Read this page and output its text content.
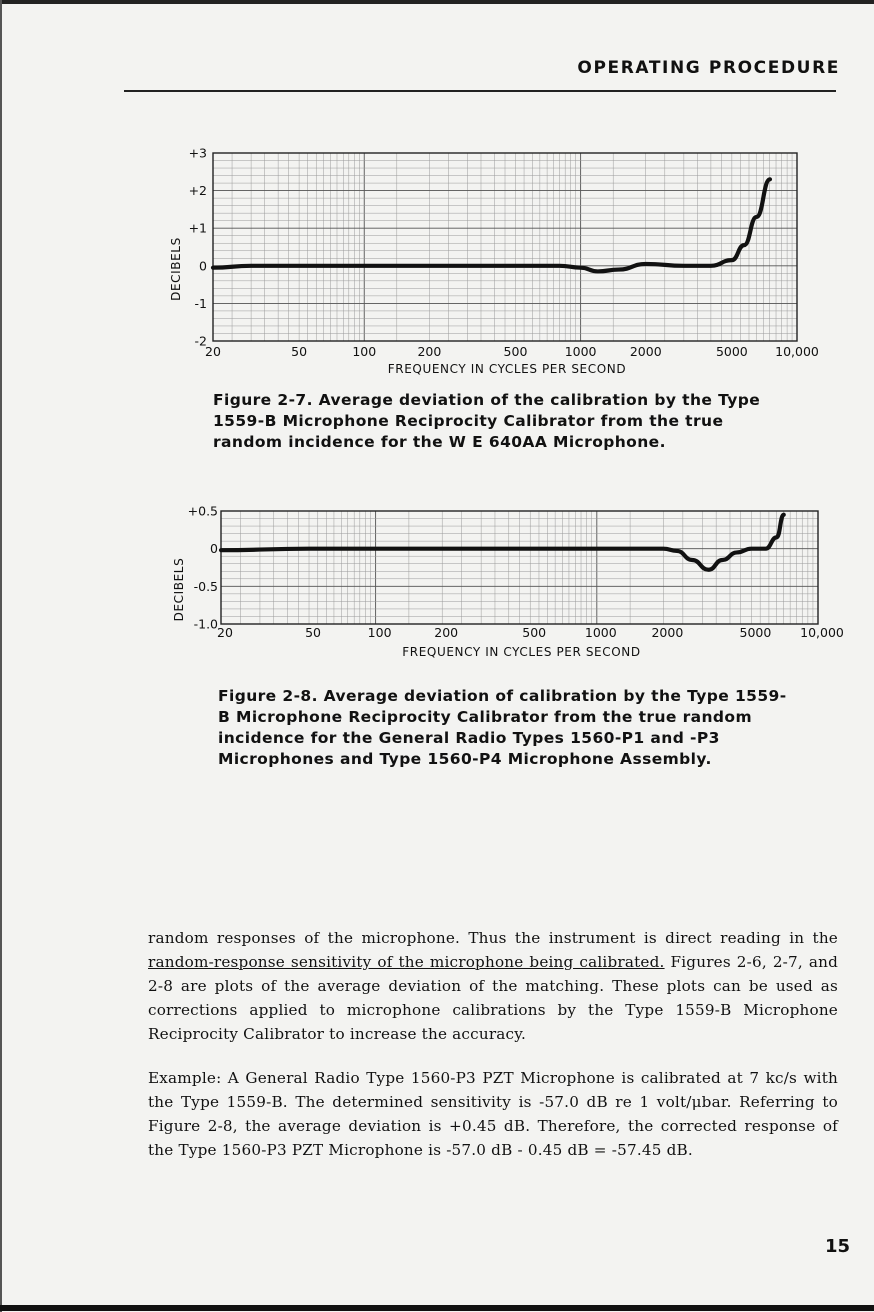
OPERATING PROCEDURE
+3
+2
+1
0
-1
-2
20	50	100	200	500	1000	2000	5000 10,000
FREQUENCY IN CYCLES PER SECOND
DECIBELS

Figure 2-7. Average deviation of the calibration by the Type 1559-B Microphone Reciprocity Calibrator from the true random incidence for the W E 640AA Microphone.

+0.5
0
-0.5
-1.0
20	50	100	200	500	1000	2000	5000 10,000
FREQUENCY IN CYCLES PER SECOND
DECIBELS

Figure 2-8. Average deviation of calibration by the Type 1559-B Microphone Reciprocity Calibrator from the true random incidence for the General Radio Types 1560-P1 and -P3 Microphones and Type 1560-P4 Microphone Assembly.

random responses of the microphone. Thus the instrument is direct reading in the random-response sensitivity of the microphone being calibrated. Figures 2-6, 2-7, and 2-8 are plots of the average deviation of the matching. These plots can be used as corrections applied to microphone calibrations by the Type 1559-B Microphone Reciprocity Calibrator to increase the accuracy.

Example: A General Radio Type 1560-P3 PZT Microphone is calibrated at 7 kc/s with the Type 1559-B. The determined sensitivity is -57.0 dB re 1 volt/μbar. Referring to Figure 2-8, the average deviation is +0.45 dB. Therefore, the corrected response of the Type 1560-P3 PZT Microphone is -57.0 dB - 0.45 dB = -57.45 dB.

15
